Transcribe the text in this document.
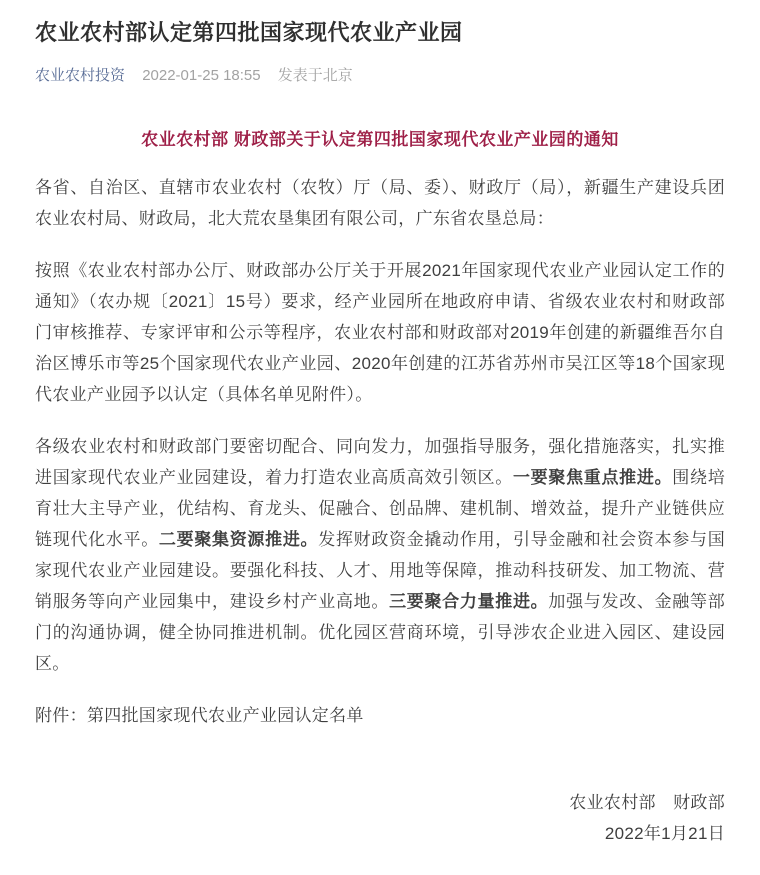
农业农村部认定第四批国家现代农业产业园
农业农村投资 2022-01-25 18:55 发表于北京
农业农村部 财政部关于认定第四批国家现代农业产业园的通知

各省、自治区、直辖市农业农村（农牧）厅（局、委）、财政厅（局），新疆生产建设兵团农业农村局、财政局，北大荒农垦集团有限公司，广东省农垦总局：

按照《农业农村部办公厅、财政部办公厅关于开展2021年国家现代农业产业园认定工作的通知》（农办规〔2021〕15号）要求，经产业园所在地政府申请、省级农业农村和财政部门审核推荐、专家评审和公示等程序，农业农村部和财政部对2019年创建的新疆维吾尔自治区博乐市等25个国家现代农业产业园、2020年创建的江苏省苏州市吴江区等18个国家现代农业产业园予以认定（具体名单见附件）。

各级农业农村和财政部门要密切配合、同向发力，加强指导服务，强化措施落实，扎实推进国家现代农业产业园建设，着力打造农业高质高效引领区。一要聚焦重点推进。围绕培育壮大主导产业，优结构、育龙头、促融合、创品牌、建机制、增效益，提升产业链供应链现代化水平。二要聚集资源推进。发挥财政资金撬动作用，引导金融和社会资本参与国家现代农业产业园建设。要强化科技、人才、用地等保障，推动科技研发、加工物流、营销服务等向产业园集中，建设乡村产业高地。三要聚合力量推进。加强与发改、金融等部门的沟通协调，健全协同推进机制。优化园区营商环境，引导涉农企业进入园区、建设园区。

附件：第四批国家现代农业产业园认定名单

农业农村部　财政部

2022年1月21日
